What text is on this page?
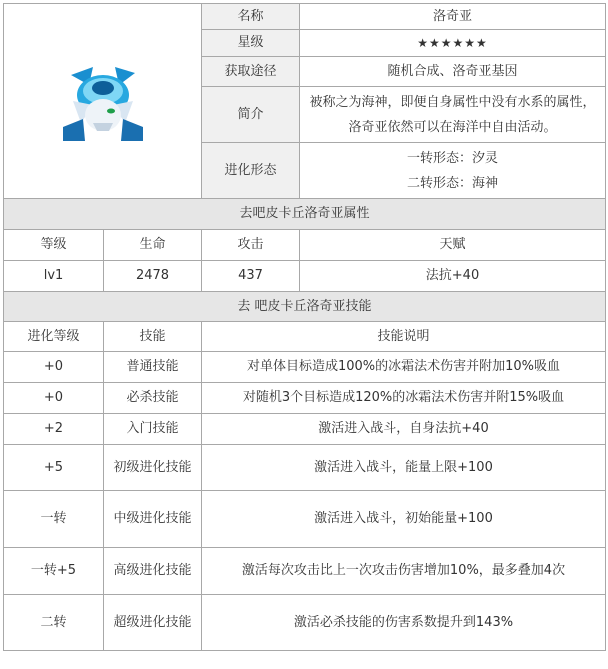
	名称	洛奇亚
		星级	★★★★★★
		获取途径	随机合成、洛奇亚基因
		简介	被称之为海神，即便自身属性中没有水系的属性，洛奇亚依然可以在海洋中自由活动。
		进化形态	一转形态：汐灵
二转形态：海神

去吧皮卡丘洛奇亚属性			
等级	生命	攻击	天赋
lv1	2478	437	法抗+40
去 吧皮卡丘洛奇亚技能			
进化等级	技能	技能说明	
+0	普通技能	对单体目标造成100%的冰霜法术伤害并附加10%吸血	
+0	必杀技能	对随机3个目标造成120%的冰霜法术伤害并附15%吸血	
+2	入门技能	激活进入战斗，自身法抗+40	
+5	初级进化技能	激活进入战斗，能量上限+100	
一转	中级进化技能	激活进入战斗，初始能量+100	
一转+5	高级进化技能	激活每次攻击比上一次攻击伤害增加10%，最多叠加4次	
二转	超级进化技能	激活必杀技能的伤害系数提升到143%	
